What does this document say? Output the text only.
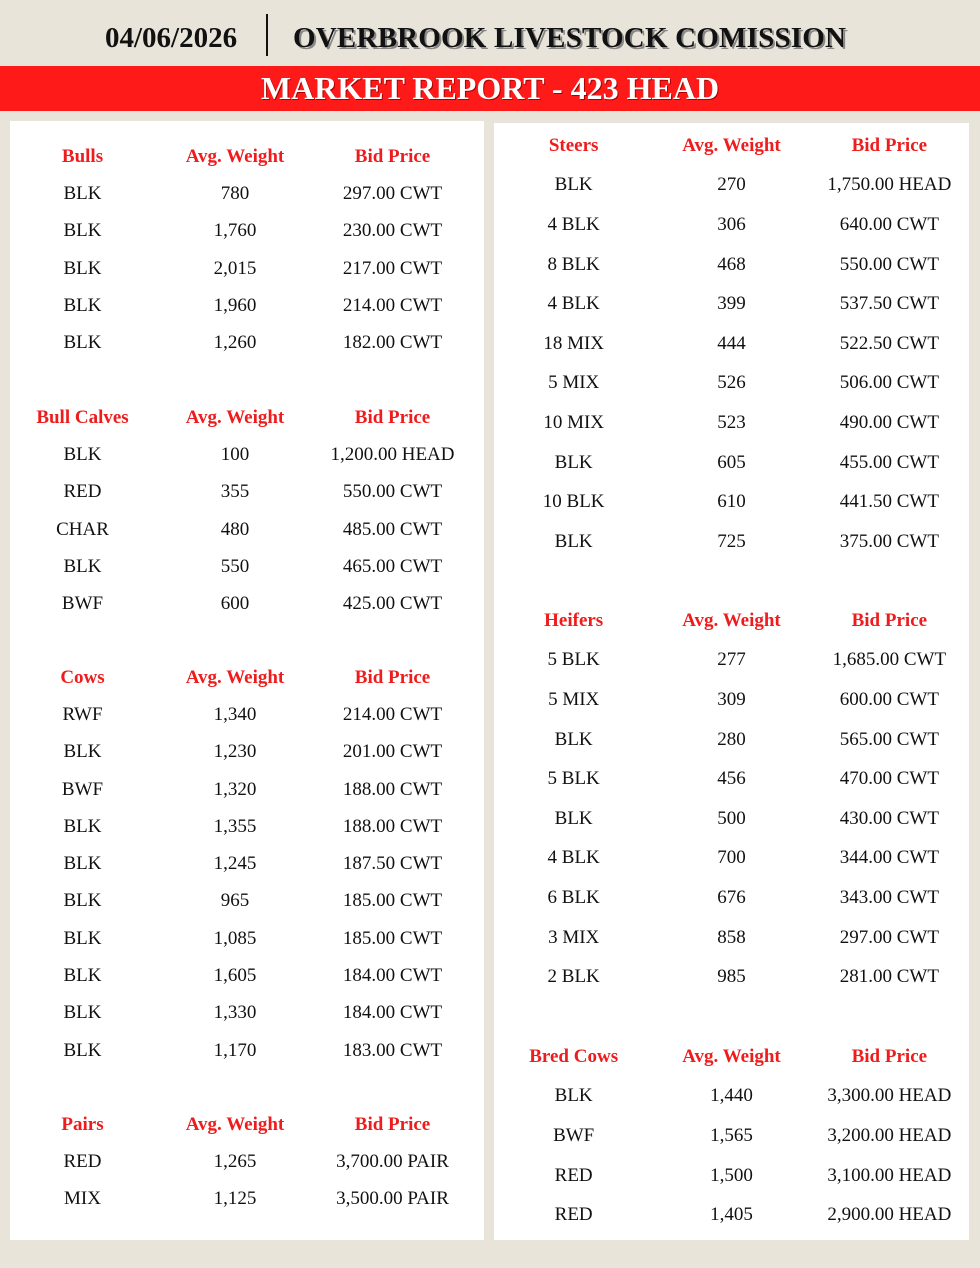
04/06/2026 OVERBROOK LIVESTOCK COMISSION
MARKET REPORT - 423 HEAD
Bulls	Avg. Weight	Bid Price
BLK	780	297.00 CWT
BLK	1,760	230.00 CWT
BLK	2,015	217.00 CWT
BLK	1,960	214.00 CWT
BLK	1,260	182.00 CWT
Bull Calves	Avg. Weight	Bid Price
BLK	100	1,200.00 HEAD
RED	355	550.00 CWT
CHAR	480	485.00 CWT
BLK	550	465.00 CWT
BWF	600	425.00 CWT
Cows	Avg. Weight	Bid Price
RWF	1,340	214.00 CWT
BLK	1,230	201.00 CWT
BWF	1,320	188.00 CWT
BLK	1,355	188.00 CWT
BLK	1,245	187.50 CWT
BLK	965	185.00 CWT
BLK	1,085	185.00 CWT
BLK	1,605	184.00 CWT
BLK	1,330	184.00 CWT
BLK	1,170	183.00 CWT
Pairs	Avg. Weight	Bid Price
RED	1,265	3,700.00 PAIR
MIX	1,125	3,500.00 PAIR
Steers	Avg. Weight	Bid Price
BLK	270	1,750.00 HEAD
4 BLK	306	640.00 CWT
8 BLK	468	550.00 CWT
4 BLK	399	537.50 CWT
18 MIX	444	522.50 CWT
5 MIX	526	506.00 CWT
10 MIX	523	490.00 CWT
BLK	605	455.00 CWT
10 BLK	610	441.50 CWT
BLK	725	375.00 CWT
Heifers	Avg. Weight	Bid Price
5 BLK	277	1,685.00 CWT
5 MIX	309	600.00 CWT
BLK	280	565.00 CWT
5 BLK	456	470.00 CWT
BLK	500	430.00 CWT
4 BLK	700	344.00 CWT
6 BLK	676	343.00 CWT
3 MIX	858	297.00 CWT
2 BLK	985	281.00 CWT
Bred Cows	Avg. Weight	Bid Price
BLK	1,440	3,300.00 HEAD
BWF	1,565	3,200.00 HEAD
RED	1,500	3,100.00 HEAD
RED	1,405	2,900.00 HEAD
